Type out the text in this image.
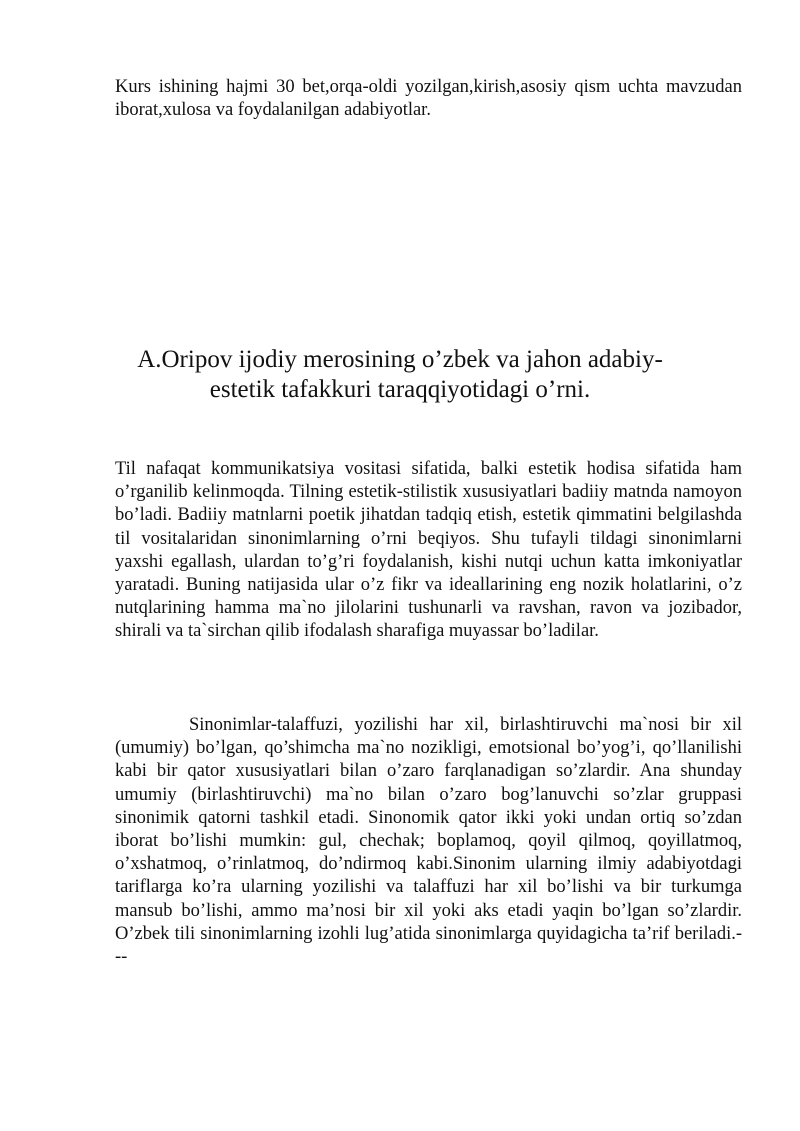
Kurs ishining hajmi 30 bet,orqa-oldi yozilgan,kirish,asosiy qism uchta mavzudan iborat,xulosa va foydalanilgan adabiyotlar.

A.Oripov ijodiy merosining o’zbek va jahon adabiy-
estetik tafakkuri taraqqiyotidagi o’rni.

Til nafaqat kommunikatsiya vositasi sifatida, balki estetik hodisa sifatida ham o’rganilib kelinmoqda. Tilning estetik-stilistik xususiyatlari badiiy matnda namoyon bo’ladi. Badiiy matnlarni poetik jihatdan tadqiq etish, estetik qimmatini belgilashda til vositalaridan sinonimlarning o’rni beqiyos. Shu tufayli tildagi sinonimlarni yaxshi egallash, ulardan to’g’ri foydalanish, kishi nutqi uchun katta imkoniyatlar yaratadi. Buning natijasida ular o’z fikr va ideallarining eng nozik holatlarini, o’z nutqlarining hamma ma`no jilolarini tushunarli va ravshan, ravon va jozibador, shirali va ta`sirchan qilib ifodalash sharafiga muyassar bo’ladilar.

Sinonimlar-talaffuzi, yozilishi har xil, birlashtiruvchi ma`nosi bir xil (umumiy) bo’lgan, qo’shimcha ma`no nozikligi, emotsional bo’yog’i, qo’llanilishi kabi bir qator xususiyatlari bilan o’zaro farqlanadigan so’zlardir. Ana shunday umumiy (birlashtiruvchi) ma`no bilan o’zaro bog’lanuvchi so’zlar gruppasi sinonimik qatorni tashkil etadi. Sinonomik qator ikki yoki undan ortiq so’zdan iborat bo’lishi mumkin: gul, chechak; boplamoq, qoyil qilmoq, qoyillatmoq, o’xshatmoq, o’rinlatmoq, do’ndirmoq kabi.Sinonim ularning ilmiy adabiyotdagi tariflarga ko’ra ularning yozilishi va talaffuzi har xil bo’lishi va bir turkumga mansub bo’lishi, ammo ma’nosi bir xil yoki aks etadi yaqin bo’lgan so’zlardir. O’zbek tili sinonimlarning izohli lug’atida sinonimlarga quyidagicha ta’rif beriladi.---
